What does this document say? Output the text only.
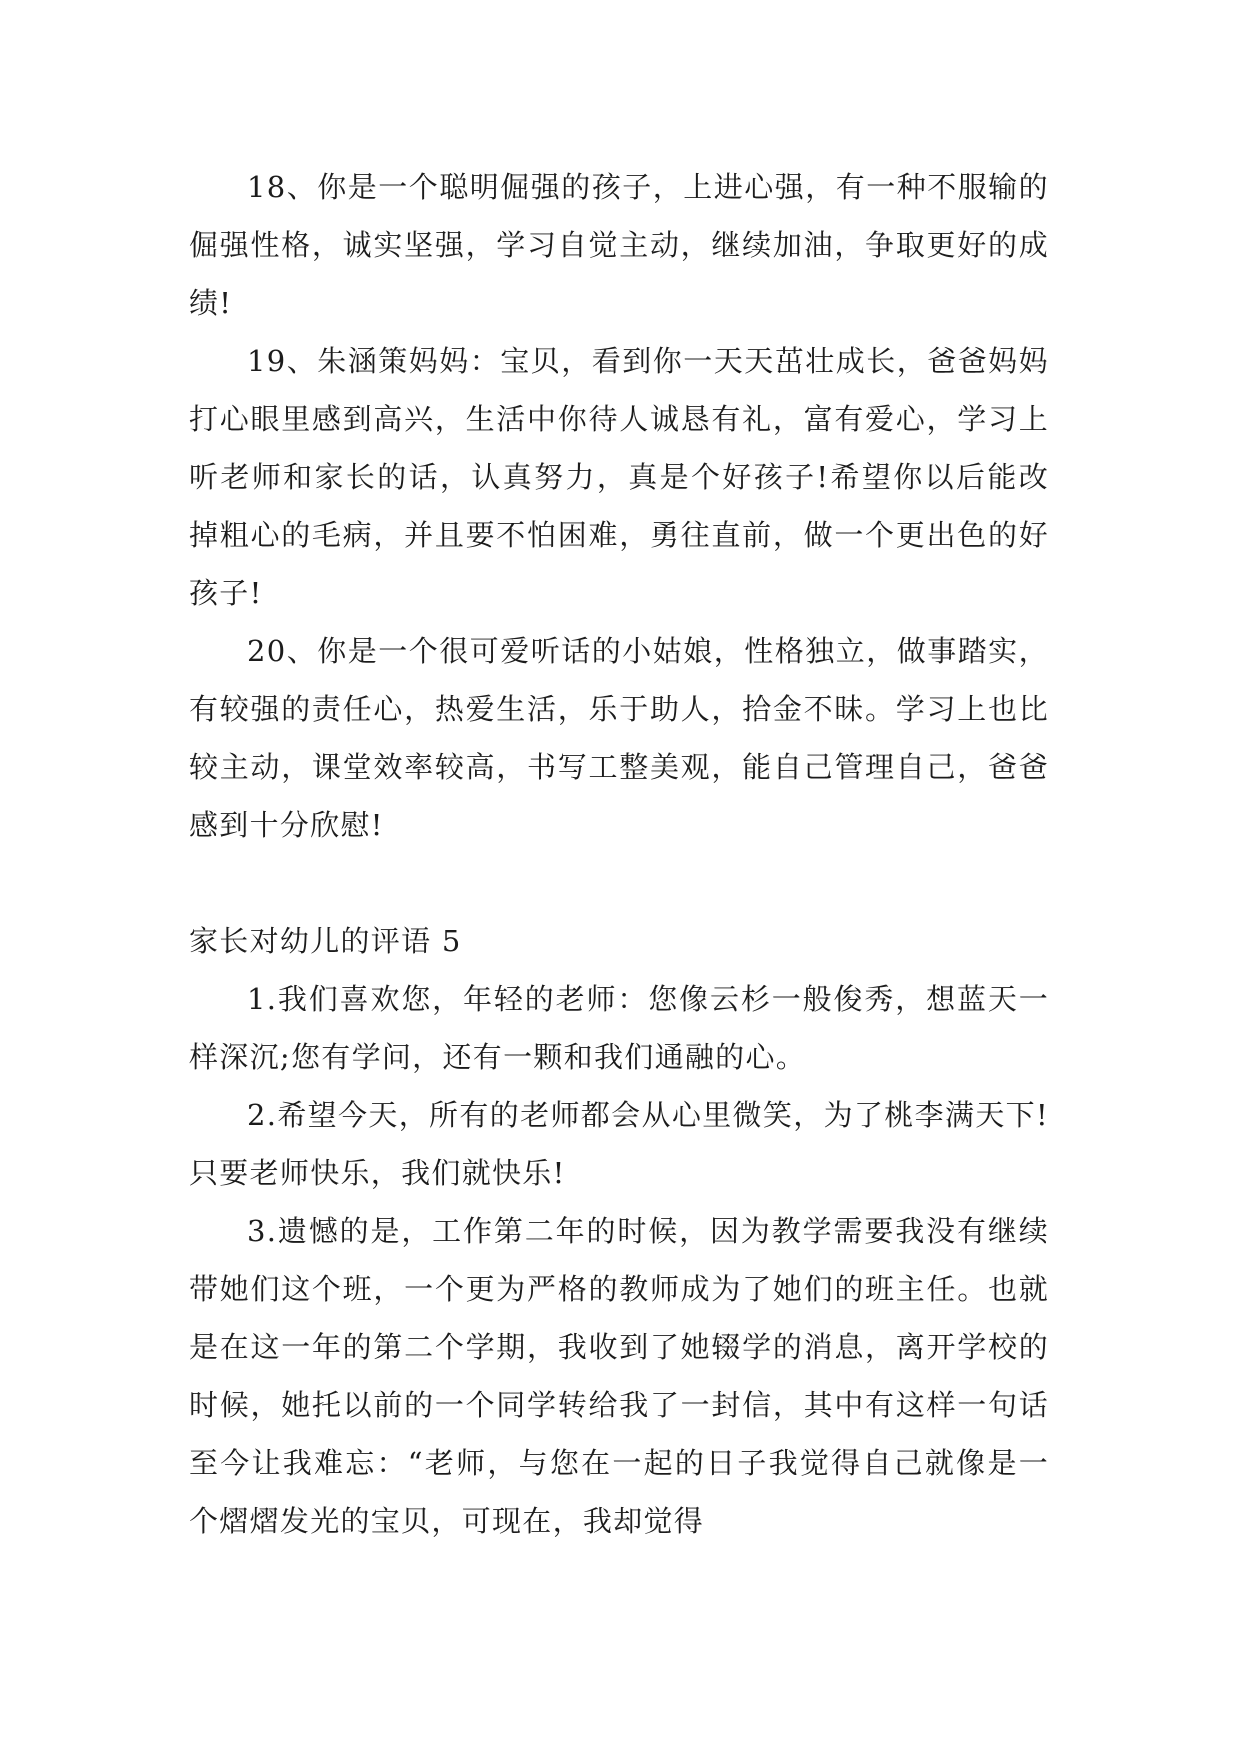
18、你是一个聪明倔强的孩子，上进心强，有一种不服输的倔强性格，诚实坚强，学习自觉主动，继续加油，争取更好的成绩!

19、朱涵策妈妈：宝贝，看到你一天天茁壮成长，爸爸妈妈打心眼里感到高兴，生活中你待人诚恳有礼，富有爱心，学习上听老师和家长的话，认真努力，真是个好孩子!希望你以后能改掉粗心的毛病，并且要不怕困难，勇往直前，做一个更出色的好孩子!

20、你是一个很可爱听话的小姑娘，性格独立，做事踏实，有较强的责任心，热爱生活，乐于助人，拾金不昧。学习上也比较主动，课堂效率较高，书写工整美观，能自己管理自己，爸爸感到十分欣慰!

家长对幼儿的评语 5

1.我们喜欢您，年轻的老师：您像云杉一般俊秀，想蓝天一样深沉;您有学问，还有一颗和我们通融的心。

2.希望今天，所有的老师都会从心里微笑，为了桃李满天下!只要老师快乐，我们就快乐!

3.遗憾的是，工作第二年的时候，因为教学需要我没有继续带她们这个班，一个更为严格的教师成为了她们的班主任。也就是在这一年的第二个学期，我收到了她辍学的消息，离开学校的时候，她托以前的一个同学转给我了一封信，其中有这样一句话至今让我难忘：“老师，与您在一起的日子我觉得自己就像是一个熠熠发光的宝贝，可现在，我却觉得
